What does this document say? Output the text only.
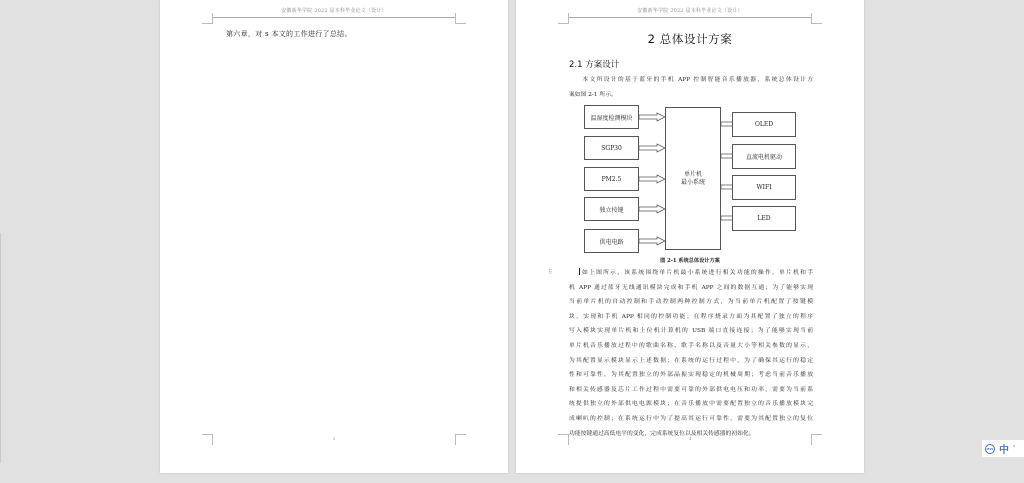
安徽新华学院 2022 届本科毕业论文（设计）
第六章，对 s 本文的工作进行了总结。
3
安徽新华学院 2022 届本科毕业论文（设计）
2 总体设计方案
2.1 方案设计
本文所设计的基于蓝牙的手机 APP 控制智能音乐播放器，系统总体设计方
案如图 2-1 所示。
温湿度检测模块
SGP30
PM2.5
独立按键
供电电路
单片机
最小系统
OLED
直流电机驱动
WIFI
LED
图 2-1 系统总体设计方案
⠿	如上图所示，该系统围绕单片机最小系统进行相关功能的操作，单片机和手
机 APP 通过蓝牙无线通讯模块完成和手机 APP 之间的数据互通；为了能够实现
当前单片机的自动控制和手动控制两种控制方式，为当前单片机配置了按键模
块，实现和手机 APP 相同的控制功能；在程序烧录方面为其配置了独立的程序
写入模块实现单片机和上位机计算机的 USB 端口直接连接；为了能够实现当前
单片机音乐播放过程中的歌曲名称、歌手名称以及音量大小等相关参数的显示，
为其配置显示模块显示上述数据；在系统的运行过程中，为了确保其运行的稳定
性和可靠性，为其配置独立的外部晶振实现稳定的机械周期；考虑当前音乐播放
和相关传感器及芯片工作过程中需要可靠的外部供电电压和功率，需要为当前系
统提供独立的外部供电电源模块；在音乐播放中需要配置独立的音乐播放模块完
成喇叭的控制；在系统运行中为了提高其运行可靠性，需要为其配置独立的复位
功能按键通过高低电平的变化，完成系统复位以及相关传感器的初始化。
4
iFLY 中 '
